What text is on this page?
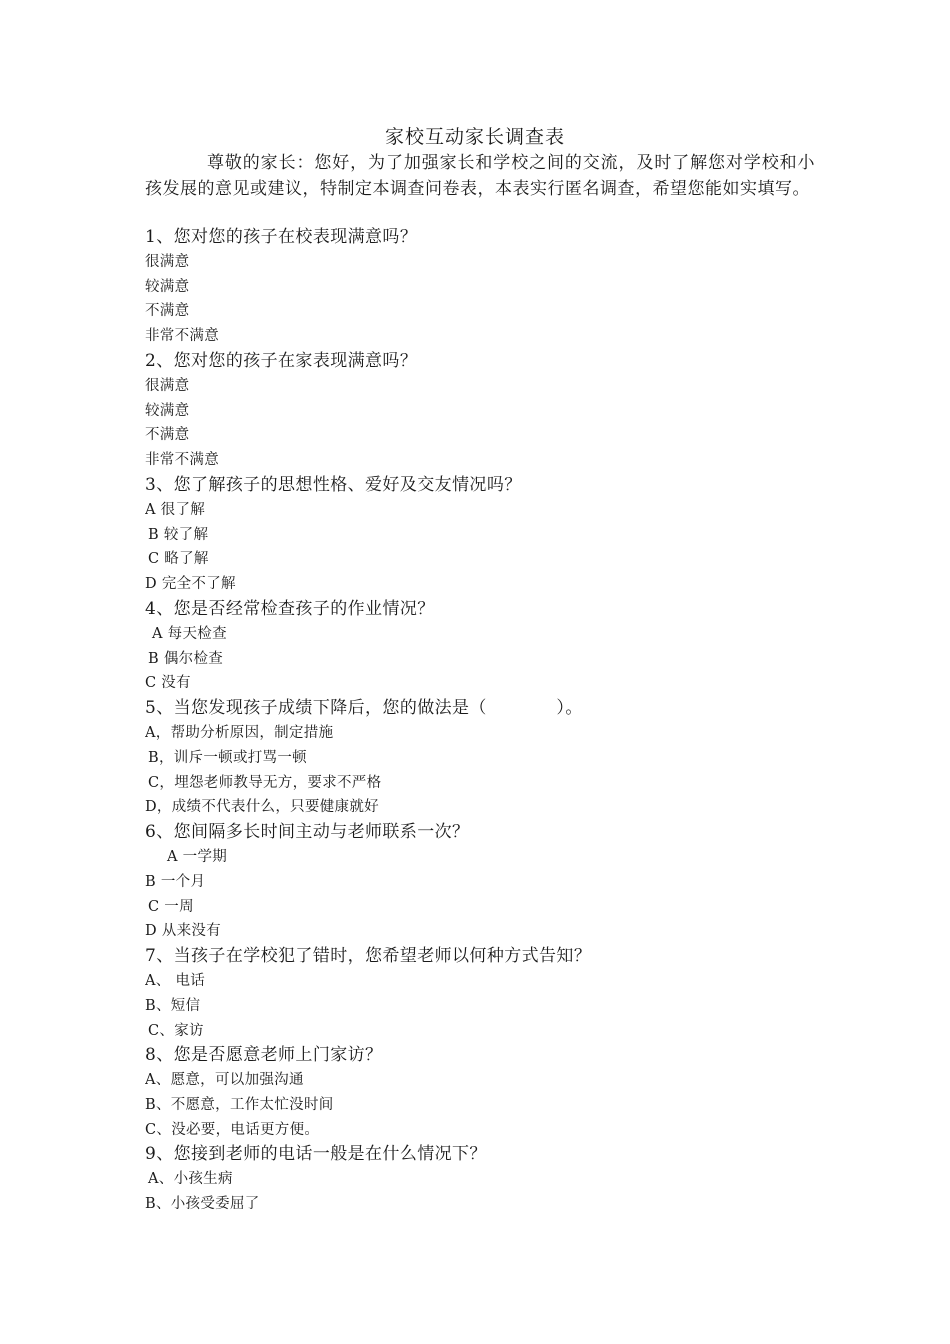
家校互动家长调查表
尊敬的家长：您好，为了加强家长和学校之间的交流，及时了解您对学校和小孩发展的意见或建议，特制定本调查问卷表，本表实行匿名调查，希望您能如实填写。
1、您对您的孩子在校表现满意吗？
很满意
较满意
不满意
非常不满意
2、您对您的孩子在家表现满意吗？
很满意
较满意
不满意
非常不满意
3、您了解孩子的思想性格、爱好及交友情况吗？
A 很了解
B 较了解
C 略了解
D 完全不了解
4、您是否经常检查孩子的作业情况？
A 每天检查
B 偶尔检查
C 没有
5、当您发现孩子成绩下降后，您的做法是（　　　　）。
A，帮助分析原因，制定措施
B，训斥一顿或打骂一顿
C，埋怨老师教导无方，要求不严格
D，成绩不代表什么，只要健康就好
6、您间隔多长时间主动与老师联系一次？
A 一学期
B 一个月
C 一周
D 从来没有
7、当孩子在学校犯了错时，您希望老师以何种方式告知？
A、 电话
B、短信
C、家访
8、您是否愿意老师上门家访？
A、愿意，可以加强沟通
B、不愿意，工作太忙没时间
C、没必要，电话更方便。
9、您接到老师的电话一般是在什么情况下？
A、小孩生病
B、小孩受委屈了
